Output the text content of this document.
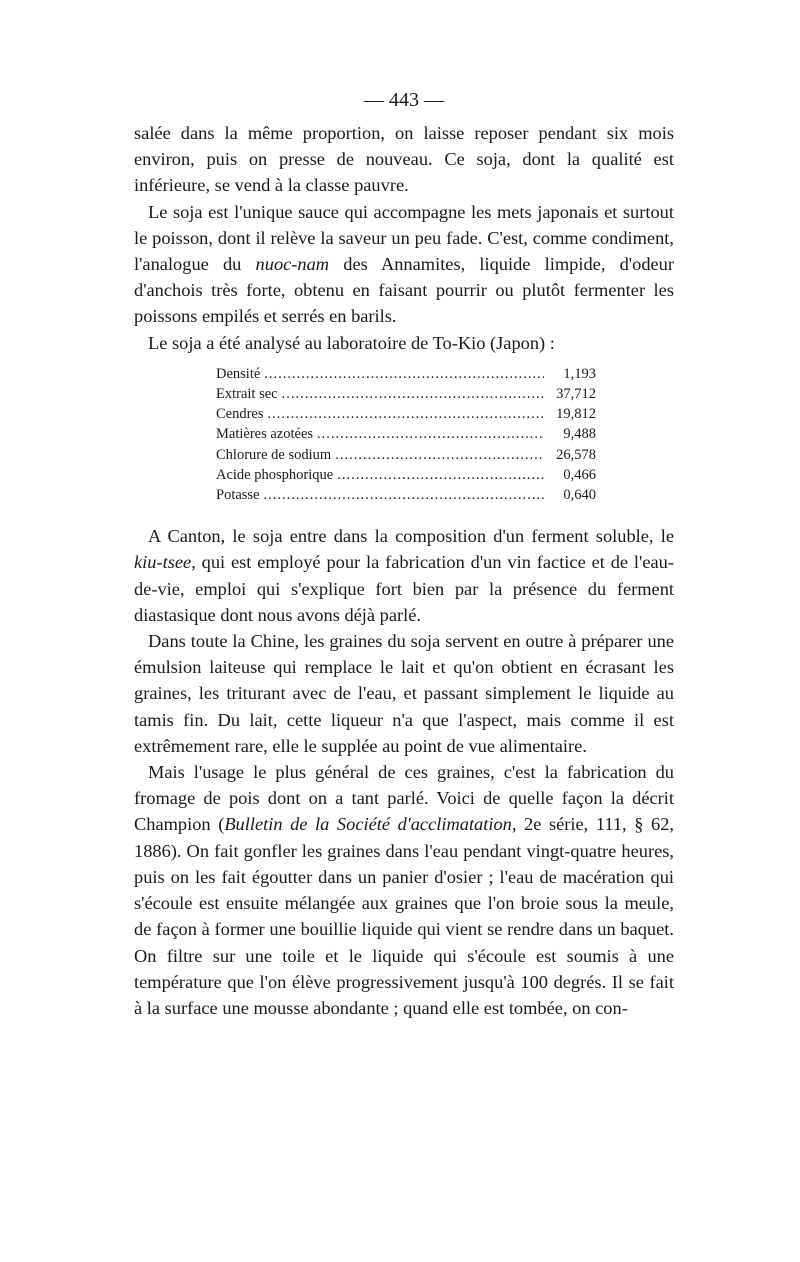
— 443 —

salée dans la même proportion, on laisse reposer pendant six mois environ, puis on presse de nouveau. Ce soja, dont la qualité est inférieure, se vend à la classe pauvre.

Le soja est l'unique sauce qui accompagne les mets japonais et surtout le poisson, dont il relève la saveur un peu fade. C'est, comme condiment, l'analogue du nuoc-nam des Annamites, liquide limpide, d'odeur d'anchois très forte, obtenu en faisant pourrir ou plutôt fermenter les poissons empilés et serrés en barils.

Le soja a été analysé au laboratoire de To-Kio (Japon) :

Densité .....	1,193
Extrait sec .....	37,712
Cendres .....	19,812
Matières azotées .....	9,488
Chlorure de sodium .....	26,578
Acide phosphorique .....	0,466
Potasse .....	0,640

A Canton, le soja entre dans la composition d'un ferment soluble, le kiu-tsee, qui est employé pour la fabrication d'un vin factice et de l'eau-de-vie, emploi qui s'explique fort bien par la présence du ferment diastasique dont nous avons déjà parlé.

Dans toute la Chine, les graines du soja servent en outre à préparer une émulsion laiteuse qui remplace le lait et qu'on obtient en écrasant les graines, les triturant avec de l'eau, et passant simplement le liquide au tamis fin. Du lait, cette liqueur n'a que l'aspect, mais comme il est extrêmement rare, elle le supplée au point de vue alimentaire.

Mais l'usage le plus général de ces graines, c'est la fabrication du fromage de pois dont on a tant parlé. Voici de quelle façon la décrit Champion (Bulletin de la Société d'acclimatation, 2e série, 111, § 62, 1886). On fait gonfler les graines dans l'eau pendant vingt-quatre heures, puis on les fait égoutter dans un panier d'osier ; l'eau de macération qui s'écoule est ensuite mélangée aux graines que l'on broie sous la meule, de façon à former une bouillie liquide qui vient se rendre dans un baquet. On filtre sur une toile et le liquide qui s'écoule est soumis à une température que l'on élève progressivement jusqu'à 100 degrés. Il se fait à la surface une mousse abondante ; quand elle est tombée, on con-
